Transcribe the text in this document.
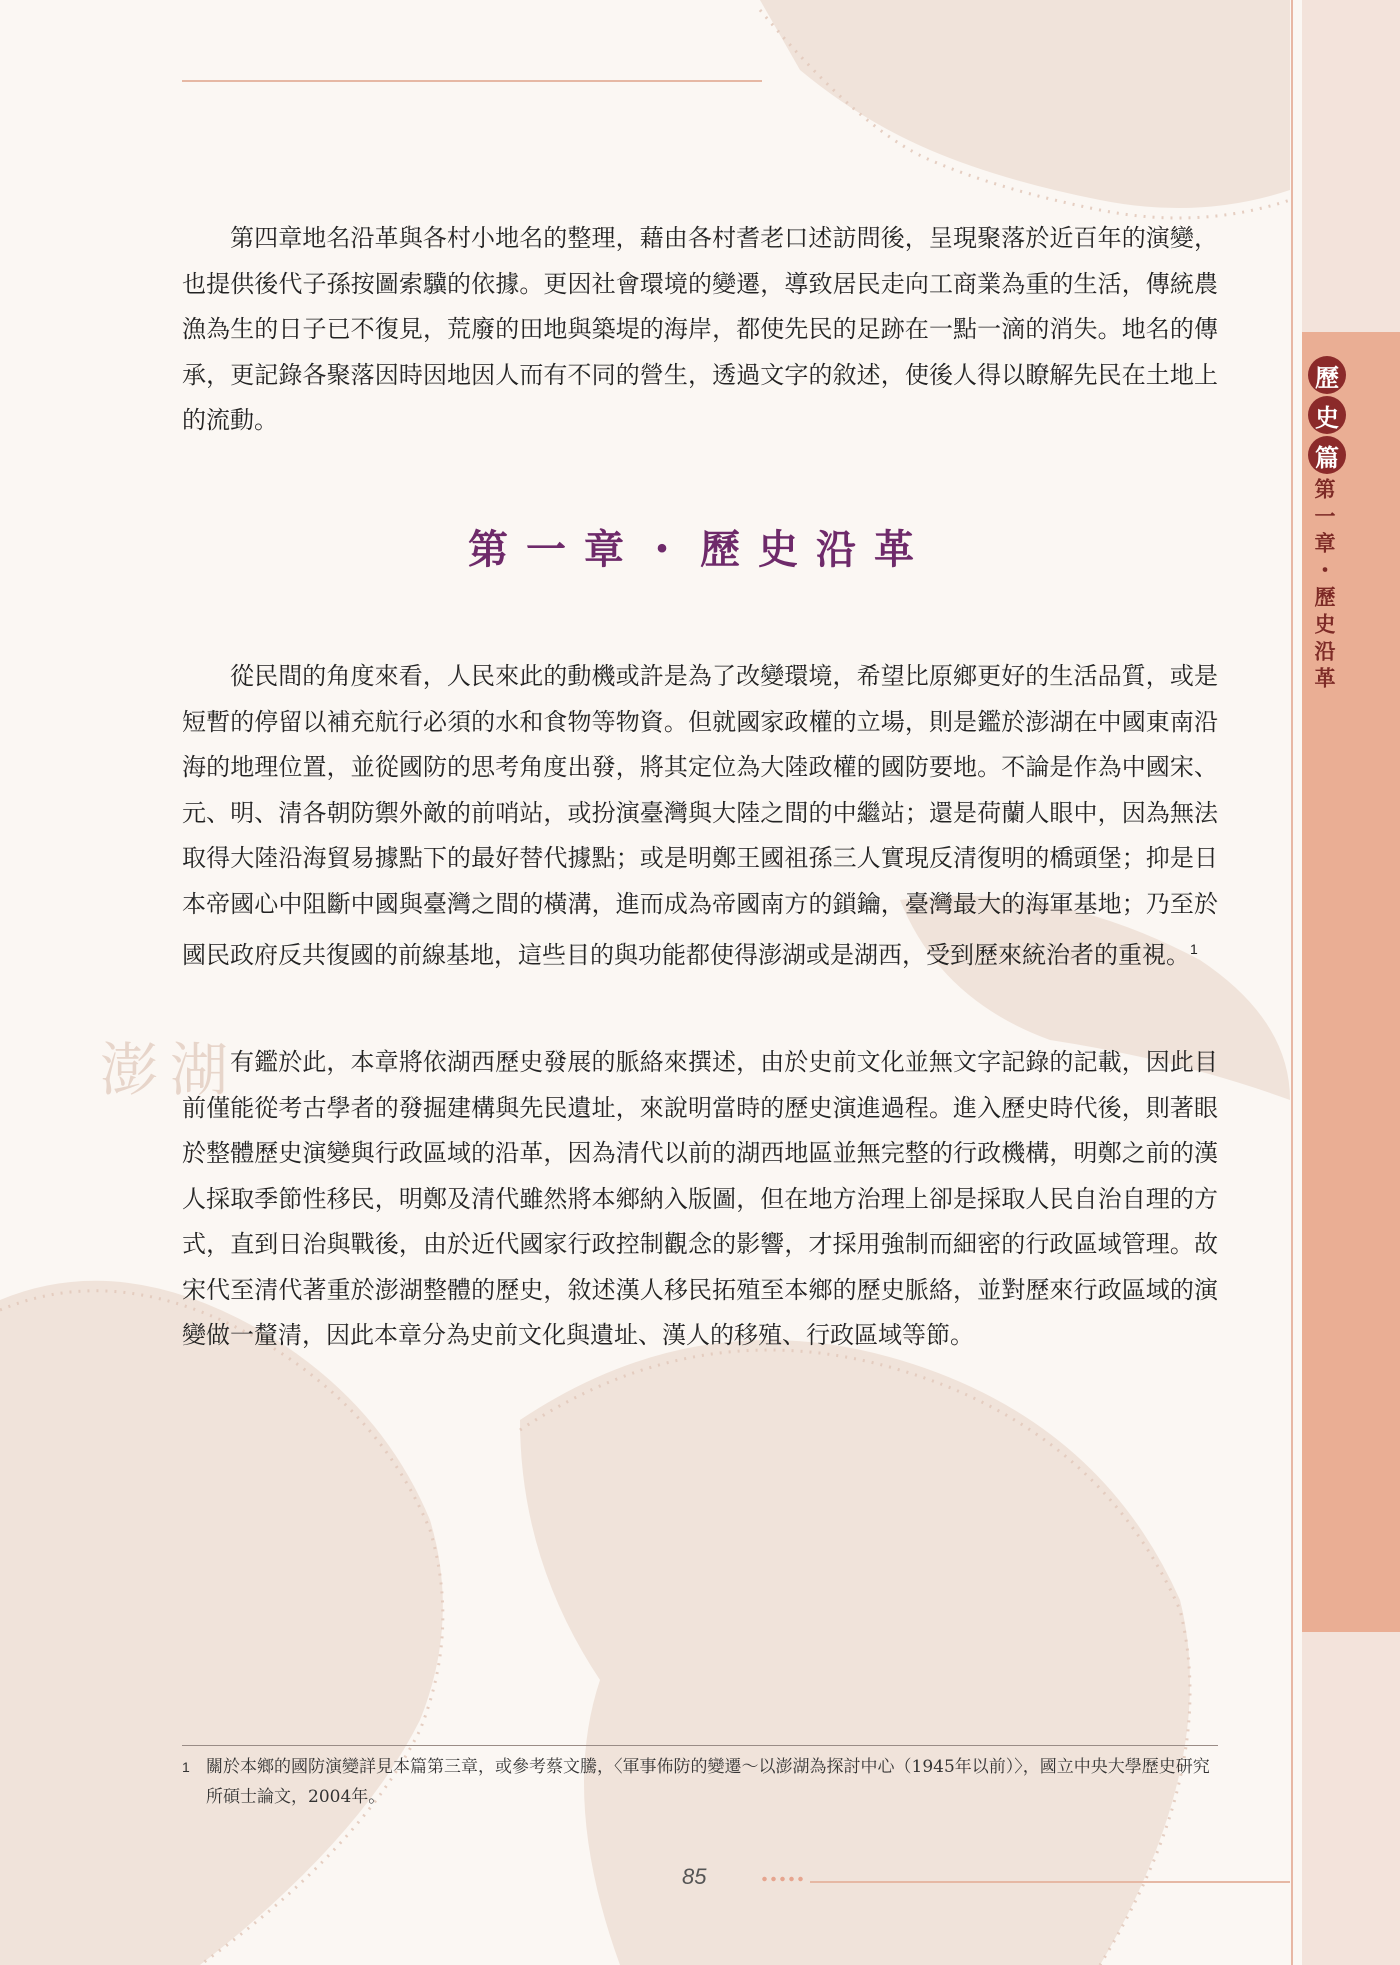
澎 湖
歷
史
篇
第一章・歷史沿革

第四章地名沿革與各村小地名的整理，藉由各村耆老口述訪問後，呈現聚落於近百年的演變，也提供後代子孫按圖索驥的依據。更因社會環境的變遷，導致居民走向工商業為重的生活，傳統農漁為生的日子已不復見，荒廢的田地與築堤的海岸，都使先民的足跡在一點一滴的消失。地名的傳承，更記錄各聚落因時因地因人而有不同的營生，透過文字的敘述，使後人得以瞭解先民在土地上的流動。

第一章・歷史沿革

從民間的角度來看，人民來此的動機或許是為了改變環境，希望比原鄉更好的生活品質，或是短暫的停留以補充航行必須的水和食物等物資。但就國家政權的立場，則是鑑於澎湖在中國東南沿海的地理位置，並從國防的思考角度出發，將其定位為大陸政權的國防要地。不論是作為中國宋、元、明、清各朝防禦外敵的前哨站，或扮演臺灣與大陸之間的中繼站；還是荷蘭人眼中，因為無法取得大陸沿海貿易據點下的最好替代據點；或是明鄭王國祖孫三人實現反清復明的橋頭堡；抑是日本帝國心中阻斷中國與臺灣之間的橫溝，進而成為帝國南方的鎖鑰，臺灣最大的海軍基地；乃至於國民政府反共復國的前線基地，這些目的與功能都使得澎湖或是湖西，受到歷來統治者的重視。$^1$

有鑑於此，本章將依湖西歷史發展的脈絡來撰述，由於史前文化並無文字記錄的記載，因此目前僅能從考古學者的發掘建構與先民遺址，來說明當時的歷史演進過程。進入歷史時代後，則著眼於整體歷史演變與行政區域的沿革，因為清代以前的湖西地區並無完整的行政機構，明鄭之前的漢人採取季節性移民，明鄭及清代雖然將本鄉納入版圖，但在地方治理上卻是採取人民自治自理的方式，直到日治與戰後，由於近代國家行政控制觀念的影響，才採用強制而細密的行政區域管理。故宋代至清代著重於澎湖整體的歷史，敘述漢人移民拓殖至本鄉的歷史脈絡，並對歷來行政區域的演變做一釐清，因此本章分為史前文化與遺址、漢人的移殖、行政區域等節。

1 關於本鄉的國防演變詳見本篇第三章，或參考蔡文騰，〈軍事佈防的變遷～以澎湖為探討中心（1945年以前）〉，國立中央大學歷史研究所碩士論文，2004年。
85
